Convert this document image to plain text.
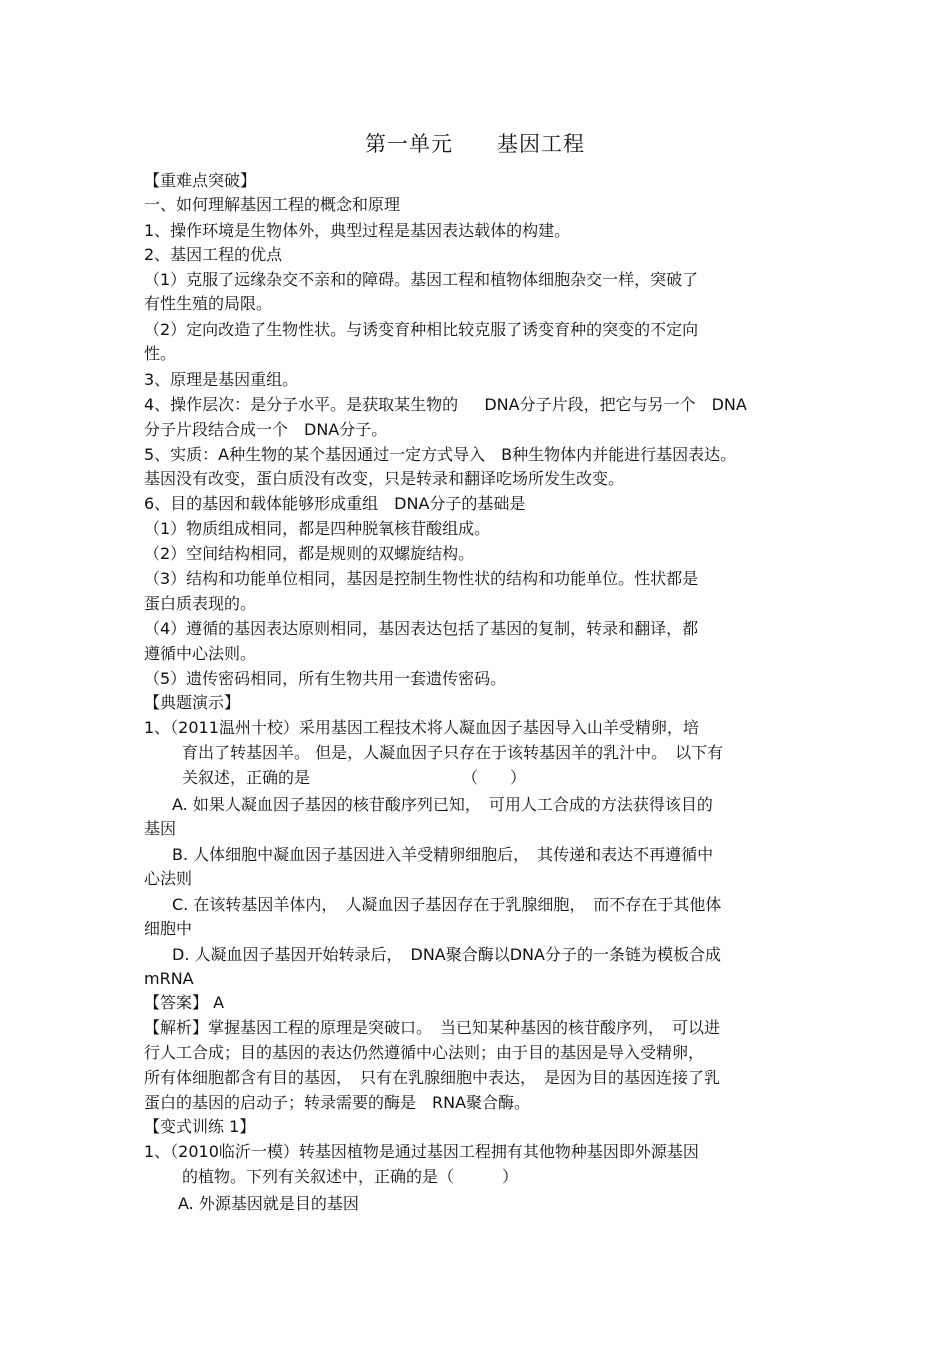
第一单元　　基因工程

【重难点突破】

一、如何理解基因工程的概念和原理

1、操作环境是生物体外，典型过程是基因表达载体的构建。

2、基因工程的优点

（1）克服了远缘杂交不亲和的障碍。基因工程和植物体细胞杂交一样，突破了

有性生殖的局限。

（2）定向改造了生物性状。与诱变育种相比较克服了诱变育种的突变的不定向

性。

3、原理是基因重组。

4、操作层次：是分子水平。是获取某生物的　  DNA分子片段，把它与另一个　DNA

分子片段结合成一个　DNA分子。

5、实质：A种生物的某个基因通过一定方式导入　B种生物体内并能进行基因表达。

基因没有改变，蛋白质没有改变，只是转录和翻译吃场所发生改变。

6、目的基因和载体能够形成重组　DNA分子的基础是

（1）物质组成相同，都是四种脱氧核苷酸组成。

（2）空间结构相同，都是规则的双螺旋结构。

（3）结构和功能单位相同，基因是控制生物性状的结构和功能单位。性状都是

蛋白质表现的。

（4）遵循的基因表达原则相同，基因表达包括了基因的复制，转录和翻译，都

遵循中心法则。

（5）遗传密码相同，所有生物共用一套遗传密码。

【典题演示】

1、（2011温州十校）采用基因工程技术将人凝血因子基因导入山羊受精卵，培

育出了转基因羊。 但是，人凝血因子只存在于该转基因羊的乳汁中。　以下有

关叙述，正确的是　　　　　　　　　　（　　）

A. 如果人凝血因子基因的核苷酸序列已知，　可用人工合成的方法获得该目的

基因

B. 人体细胞中凝血因子基因进入羊受精卵细胞后，　其传递和表达不再遵循中

心法则

C. 在该转基因羊体内，　人凝血因子基因存在于乳腺细胞，　而不存在于其他体

细胞中

D. 人凝血因子基因开始转录后，　DNA聚合酶以DNA分子的一条链为模板合成

mRNA

【答案】 A

【解析】掌握基因工程的原理是突破口。　当已知某种基因的核苷酸序列，　可以进

行人工合成；目的基因的表达仍然遵循中心法则；由于目的基因是导入受精卵，

所有体细胞都含有目的基因，　只有在乳腺细胞中表达，　是因为目的基因连接了乳

蛋白的基因的启动子；转录需要的酶是　RNA聚合酶。

【变式训练 1】

1、（2010临沂一模）转基因植物是通过基因工程拥有其他物种基因即外源基因

的植物。下列有关叙述中，正确的是（　　　）

A. 外源基因就是目的基因
